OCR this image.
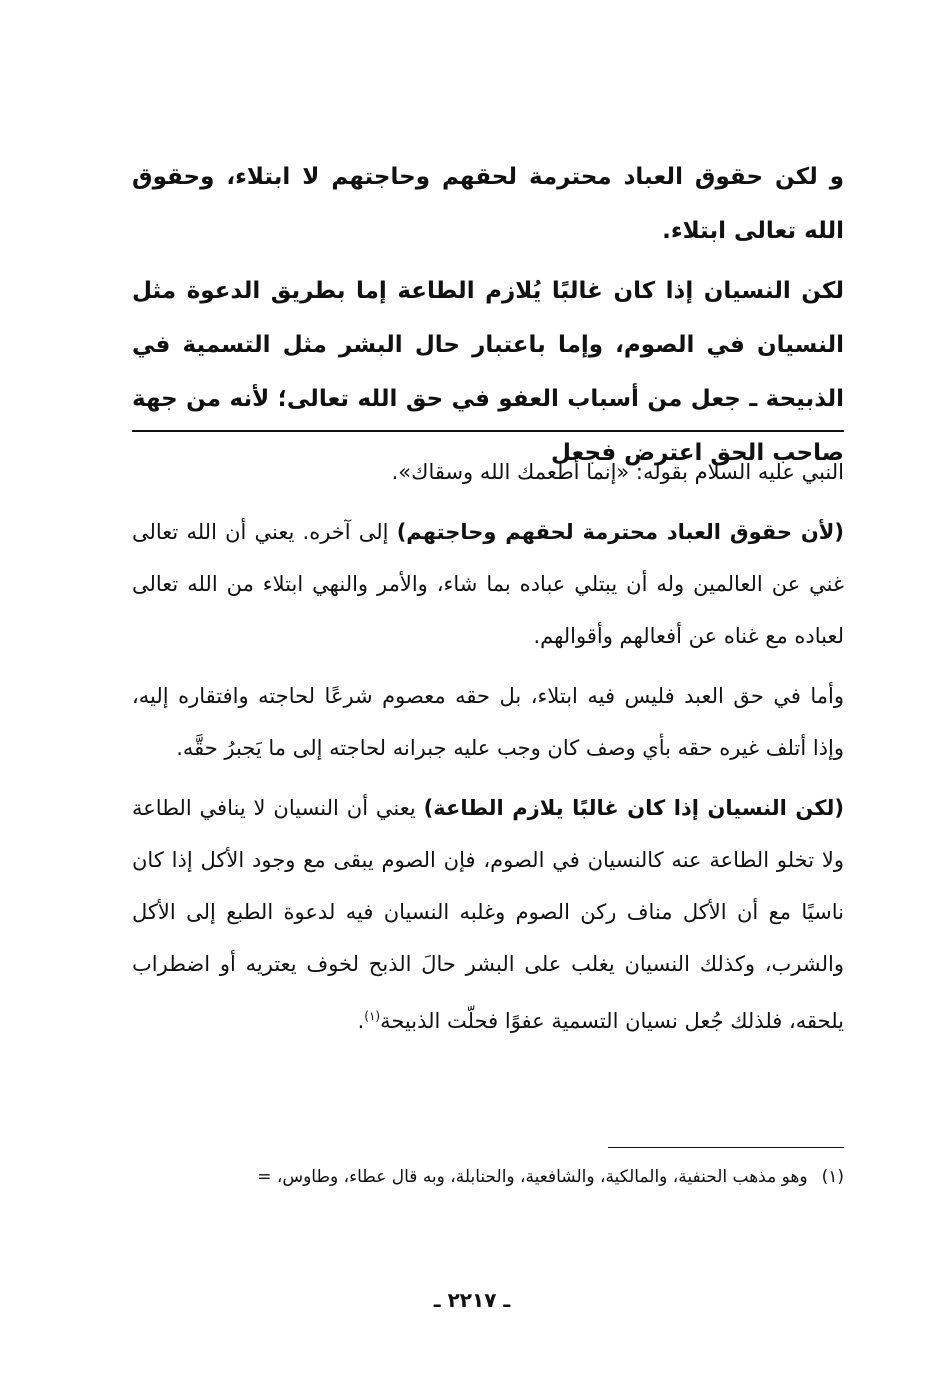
و لكن حقوق العباد محترمة لحقهم وحاجتهم لا ابتلاء، وحقوق الله تعالى ابتلاء.

لكن النسيان إذا كان غالبًا يُلازم الطاعة إما بطريق الدعوة مثل النسيان في الصوم، وإما باعتبار حال البشر مثل التسمية في الذبيحة ـ جعل من أسباب العفو في حق الله تعالى؛ لأنه من جهة صاحب الحق اعترض فجعل

النبي عليه السلام بقوله: «إنما أطعمك الله وسقاك».

(لأن حقوق العباد محترمة لحقهم وحاجتهم) إلى آخره. يعني أن الله تعالى غني عن العالمين وله أن يبتلي عباده بما شاء، والأمر والنهي ابتلاء من الله تعالى لعباده مع غناه عن أفعالهم وأقوالهم.

وأما في حق العبد فليس فيه ابتلاء، بل حقه معصوم شرعًا لحاجته وافتقاره إليه، وإذا أتلف غيره حقه بأي وصف كان وجب عليه جبرانه لحاجته إلى ما يَجبرُ حقَّه.

(لكن النسيان إذا كان غالبًا يلازم الطاعة) يعني أن النسيان لا ينافي الطاعة ولا تخلو الطاعة عنه كالنسيان في الصوم، فإن الصوم يبقى مع وجود الأكل إذا كان ناسيًا مع أن الأكل مناف ركن الصوم وغلبه النسيان فيه لدعوة الطبع إلى الأكل والشرب، وكذلك النسيان يغلب على البشر حالَ الذبح لخوف يعتريه أو اضطراب يلحقه، فلذلك جُعل نسيان التسمية عفوًا فحلّت الذبيحة$^{(١)}$.

(١)وهو مذهب الحنفية، والمالكية، والشافعية، والحنابلة، وبه قال عطاء، وطاوس، =
ـ ٢٢١٧ ـ
